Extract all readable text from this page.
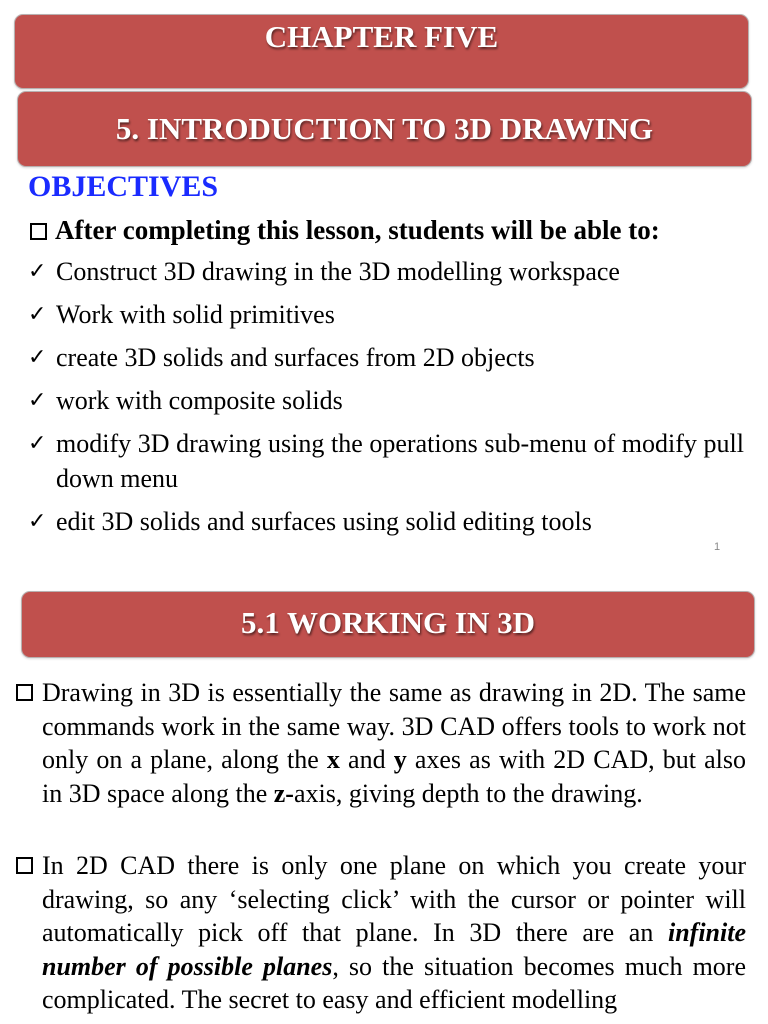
CHAPTER FIVE
5. INTRODUCTION TO 3D DRAWING
OBJECTIVES
After completing this lesson, students will be able to:
✓ Construct 3D drawing in the 3D modelling workspace
✓ Work with solid primitives
✓ create 3D solids and surfaces from 2D objects
✓ work with composite solids
✓ modify 3D drawing using the operations sub-menu of modify pull down menu
✓ edit 3D solids and surfaces using solid editing tools
1
5.1 WORKING IN 3D
Drawing in 3D is essentially the same as drawing in 2D. The same commands work in the same way. 3D CAD offers tools to work not only on a plane, along the x and y axes as with 2D CAD, but also in 3D space along the z-axis, giving depth to the drawing.
In 2D CAD there is only one plane on which you create your drawing, so any ‘selecting click’ with the cursor or pointer will automatically pick off that plane. In 3D there are an infinite number of possible planes, so the situation becomes much more complicated. The secret to easy and efficient modelling
